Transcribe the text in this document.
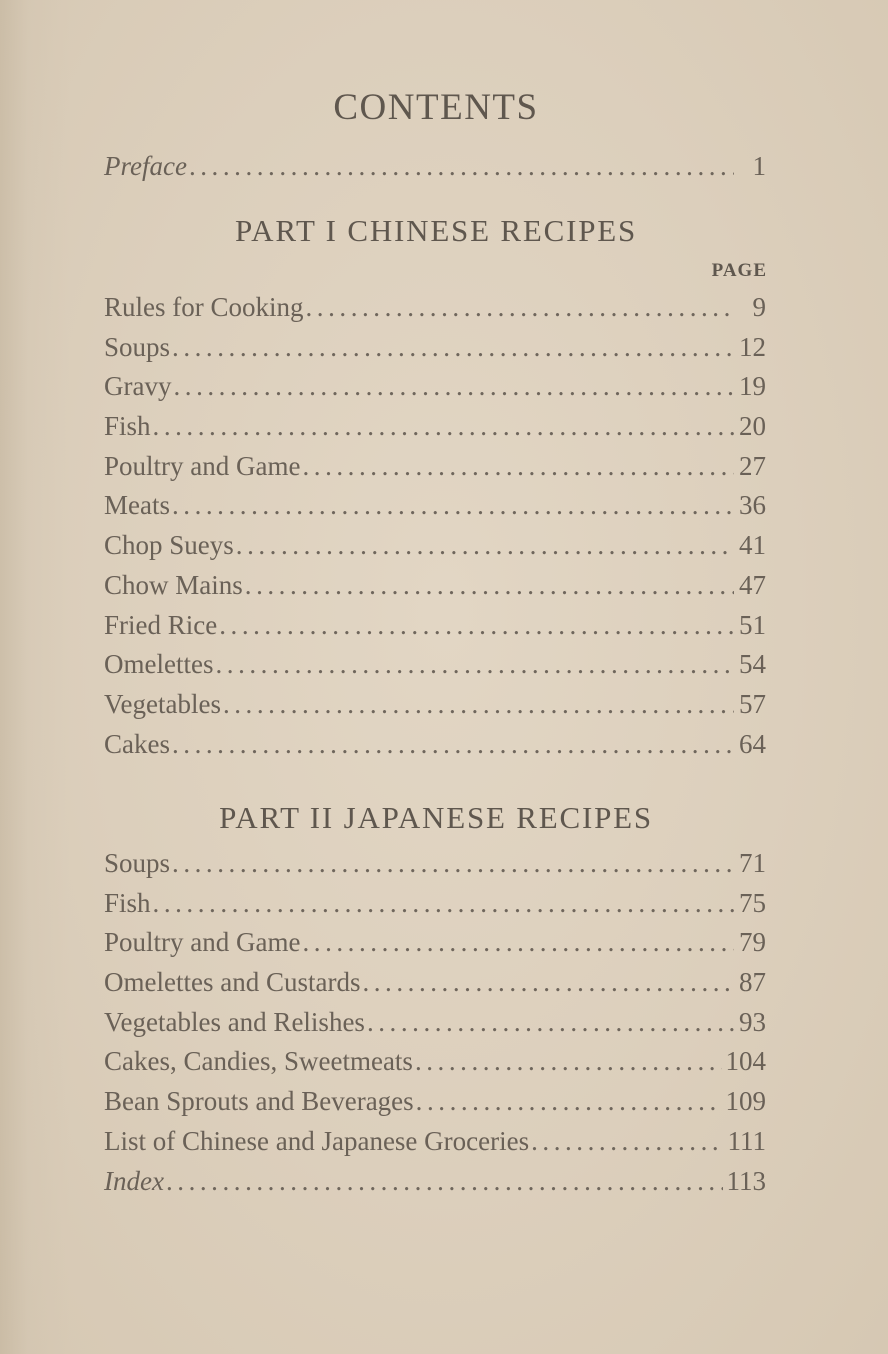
CONTENTS
Preface . . .	1
PART I CHINESE RECIPES
PAGE
Rules for Cooking . . .	9
Soups . . .	12
Gravy . . .	19
Fish . . .	20
Poultry and Game . . .	27
Meats . . .	36
Chop Sueys . . .	41
Chow Mains . . .	47
Fried Rice . . .	51
Omelettes . . .	54
Vegetables . . .	57
Cakes . . .	64
PART II JAPANESE RECIPES
Soups . . .	71
Fish . . .	75
Poultry and Game . . .	79
Omelettes and Custards . . .	87
Vegetables and Relishes . . .	93
Cakes, Candies, Sweetmeats . . .	104
Bean Sprouts and Beverages . . .	109
List of Chinese and Japanese Groceries . . .	111
Index . . .	113
